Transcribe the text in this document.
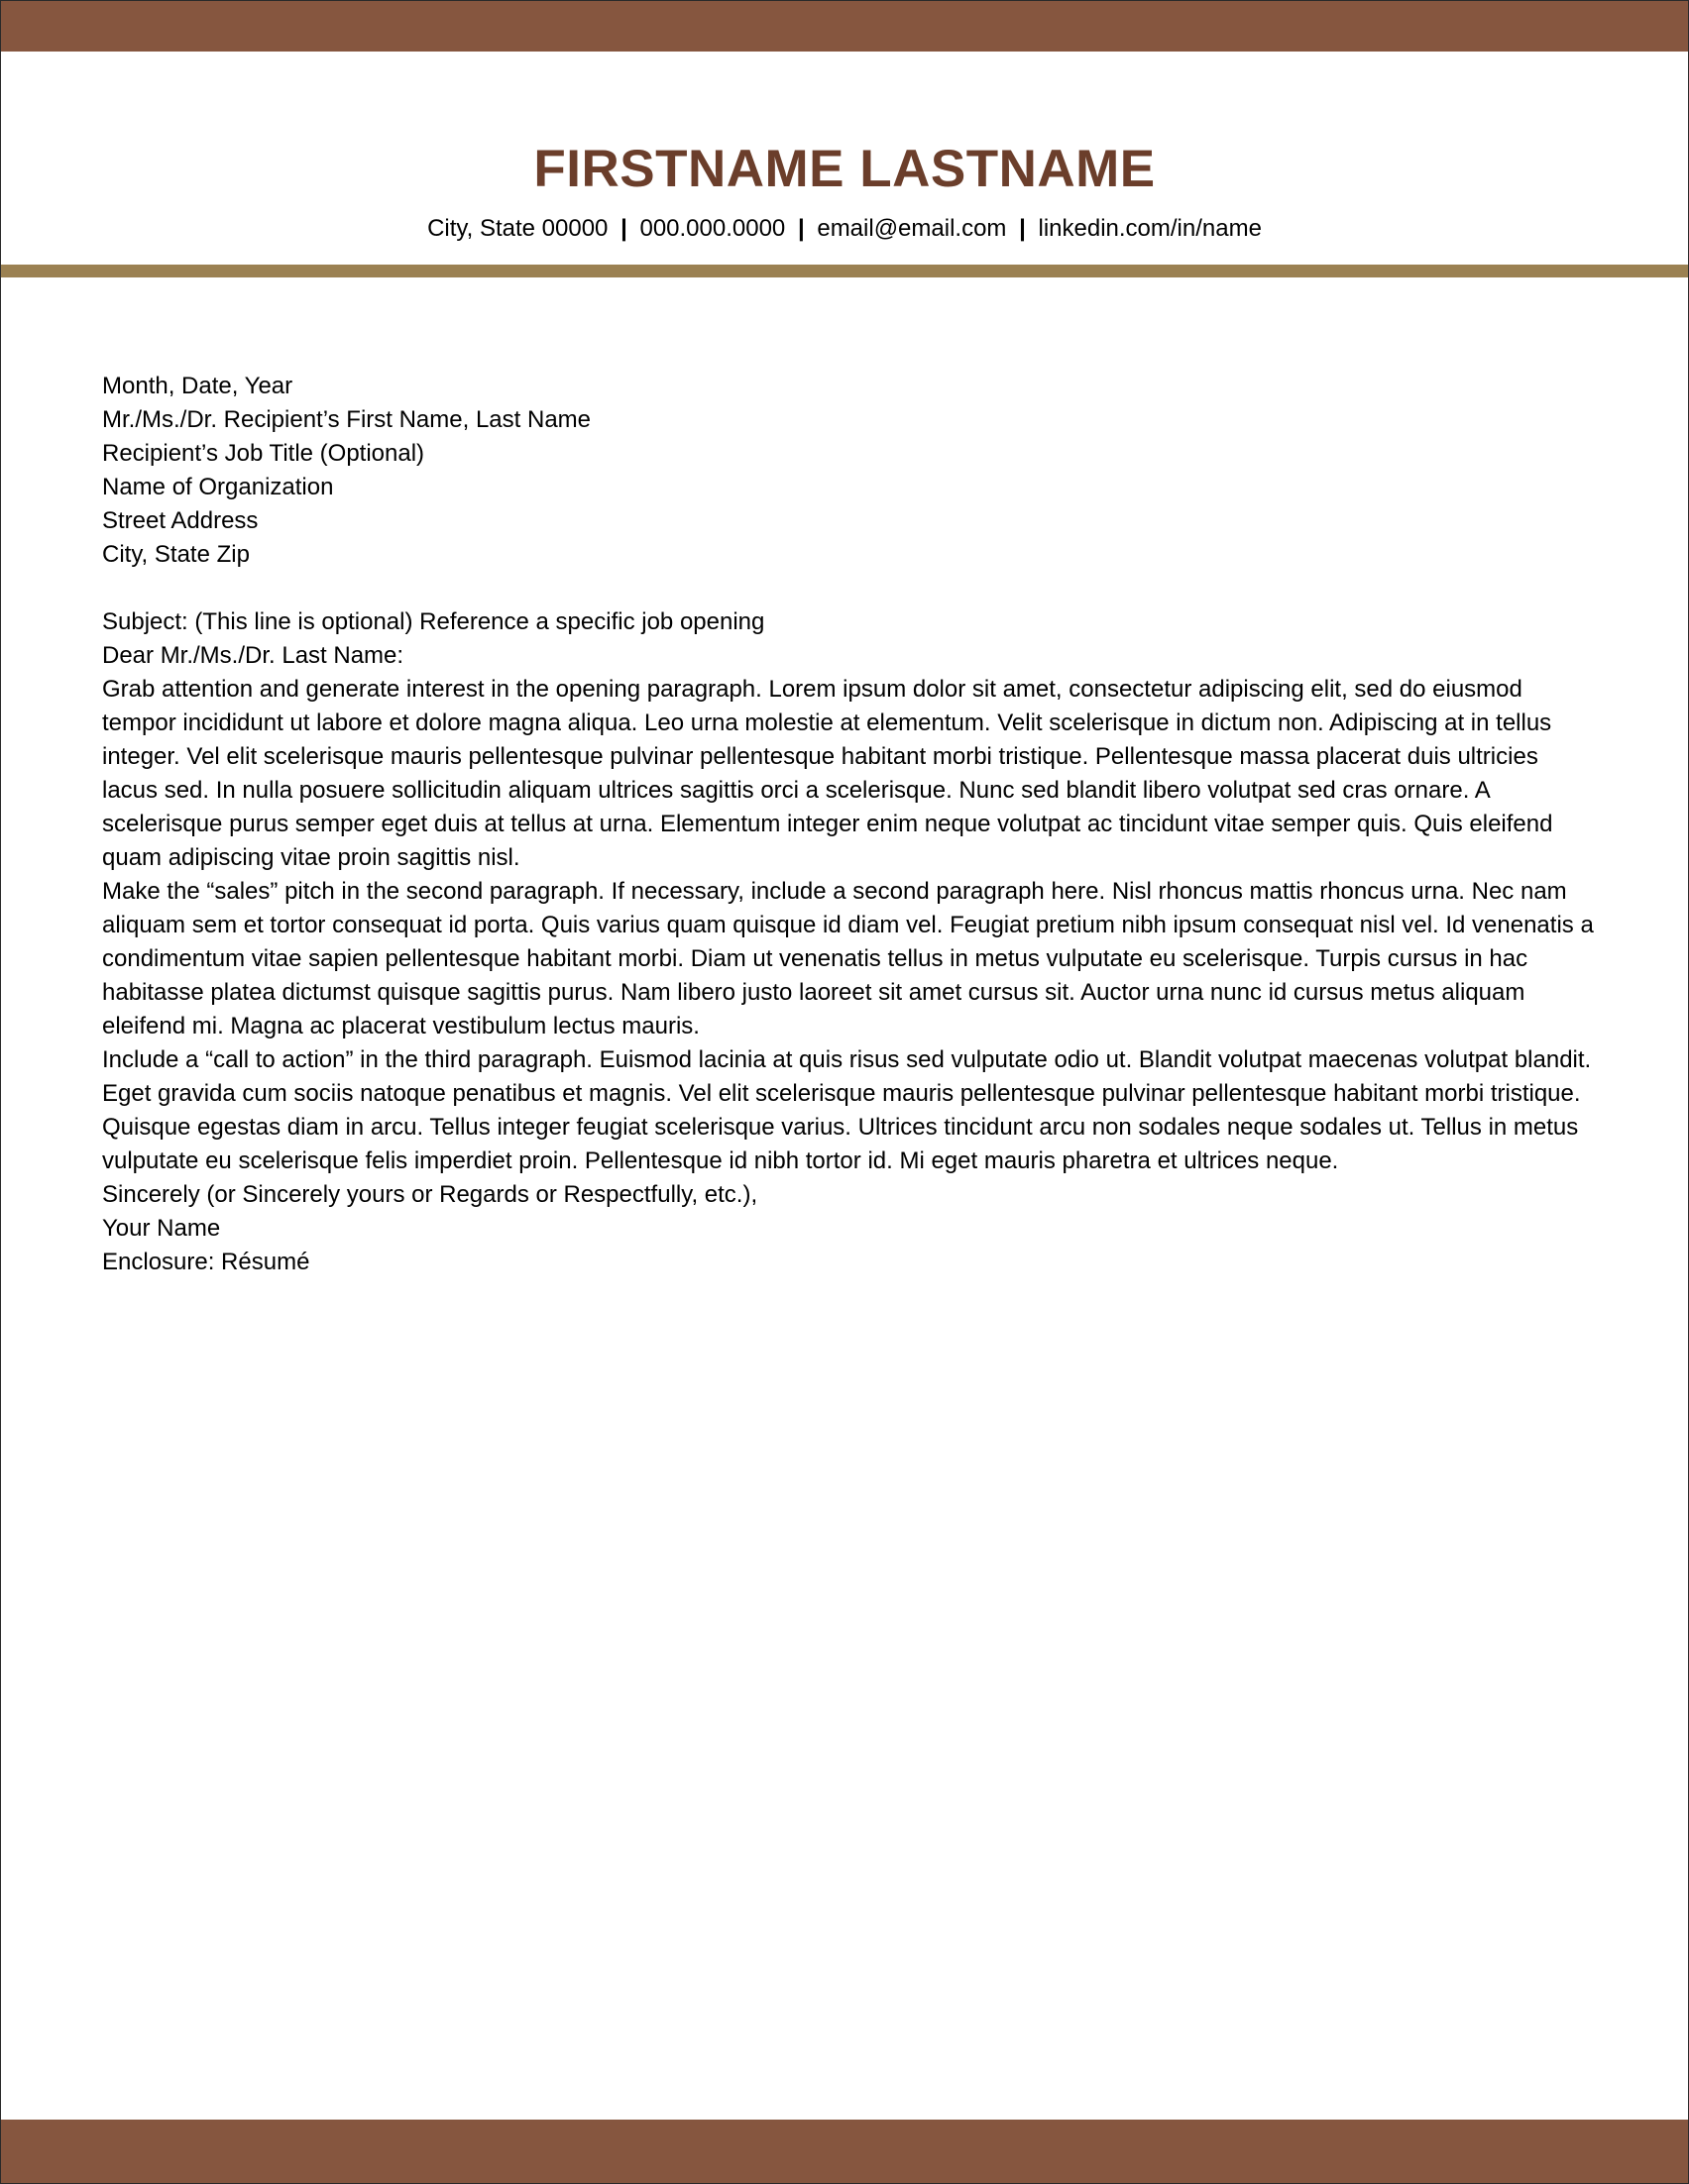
FIRSTNAME LASTNAME
City, State 00000 | 000.000.0000 | email@email.com | linkedin.com/in/name

Month, Date, Year

Mr./Ms./Dr. Recipient’s First Name, Last Name
Recipient’s Job Title (Optional)
Name of Organization
Street Address
City, State Zip

Subject: (This line is optional) Reference a specific job opening

Dear Mr./Ms./Dr. Last Name:

Grab attention and generate interest in the opening paragraph. Lorem ipsum dolor sit amet, consectetur adipiscing elit, sed do eiusmod tempor incididunt ut labore et dolore magna aliqua. Leo urna molestie at elementum. Velit scelerisque in dictum non. Adipiscing at in tellus integer. Vel elit scelerisque mauris pellentesque pulvinar pellentesque habitant morbi tristique. Pellentesque massa placerat duis ultricies lacus sed. In nulla posuere sollicitudin aliquam ultrices sagittis orci a scelerisque. Nunc sed blandit libero volutpat sed cras ornare. A scelerisque purus semper eget duis at tellus at urna. Elementum integer enim neque volutpat ac tincidunt vitae semper quis. Quis eleifend quam adipiscing vitae proin sagittis nisl.

Make the “sales” pitch in the second paragraph. If necessary, include a second paragraph here. Nisl rhoncus mattis rhoncus urna. Nec nam aliquam sem et tortor consequat id porta. Quis varius quam quisque id diam vel. Feugiat pretium nibh ipsum consequat nisl vel. Id venenatis a condimentum vitae sapien pellentesque habitant morbi. Diam ut venenatis tellus in metus vulputate eu scelerisque. Turpis cursus in hac habitasse platea dictumst quisque sagittis purus. Nam libero justo laoreet sit amet cursus sit. Auctor urna nunc id cursus metus aliquam eleifend mi. Magna ac placerat vestibulum lectus mauris.

Include a “call to action” in the third paragraph. Euismod lacinia at quis risus sed vulputate odio ut. Blandit volutpat maecenas volutpat blandit. Eget gravida cum sociis natoque penatibus et magnis. Vel elit scelerisque mauris pellentesque pulvinar pellentesque habitant morbi tristique. Quisque egestas diam in arcu. Tellus integer feugiat scelerisque varius. Ultrices tincidunt arcu non sodales neque sodales ut. Tellus in metus vulputate eu scelerisque felis imperdiet proin. Pellentesque id nibh tortor id. Mi eget mauris pharetra et ultrices neque.

Sincerely (or Sincerely yours or Regards or Respectfully, etc.),

Your Name

Enclosure: Résumé
